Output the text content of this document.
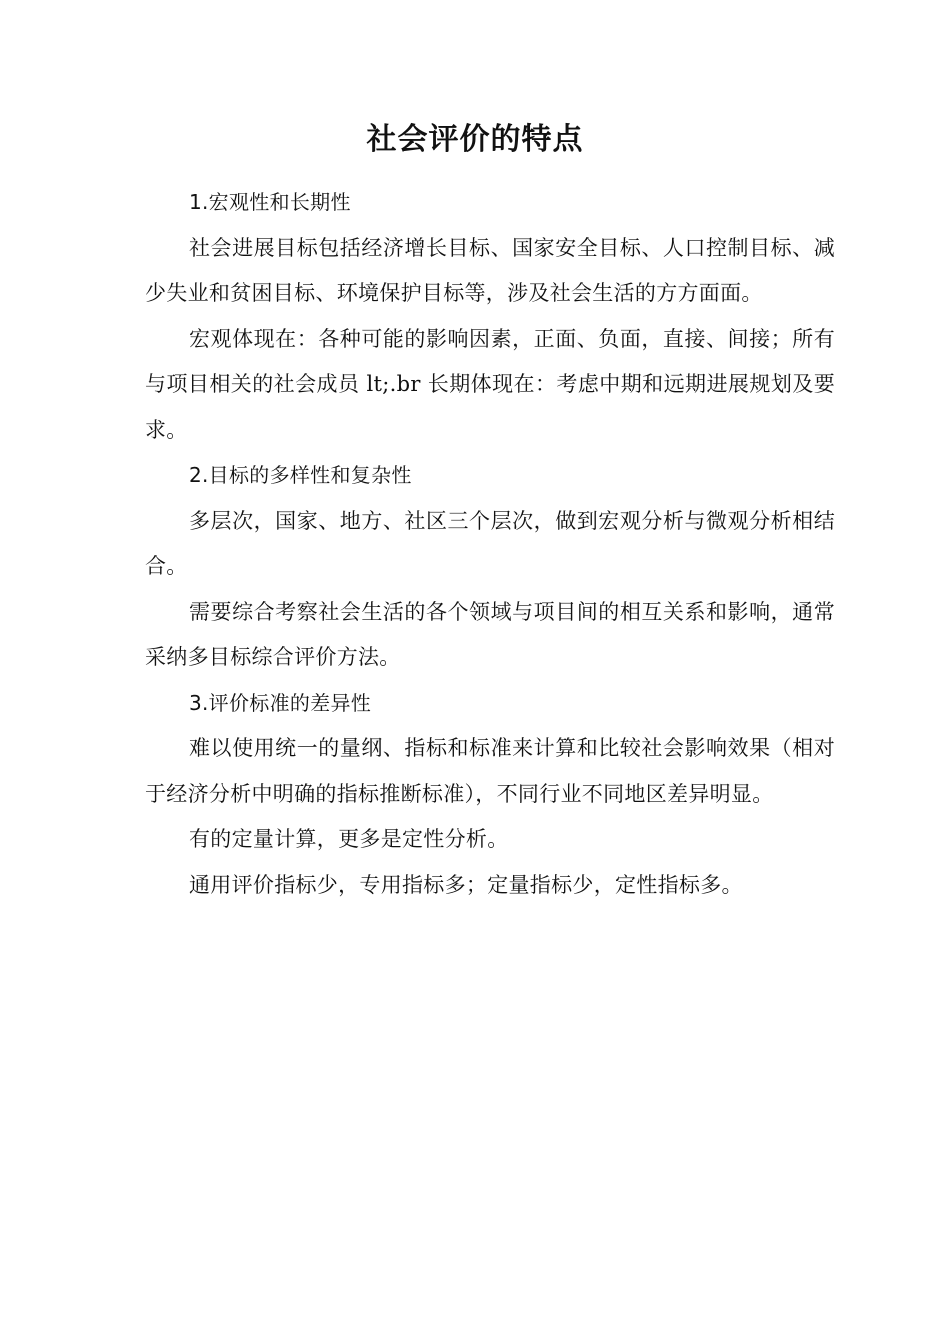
社会评价的特点

1.宏观性和长期性

社会进展目标包括经济增长目标、国家安全目标、人口控制目标、减少失业和贫困目标、环境保护目标等，涉及社会生活的方方面面。

宏观体现在：各种可能的影响因素，正面、负面，直接、间接；所有与项目相关的社会成员 lt;.br 长期体现在：考虑中期和远期进展规划及要求。

2.目标的多样性和复杂性

多层次，国家、地方、社区三个层次，做到宏观分析与微观分析相结合。

需要综合考察社会生活的各个领域与项目间的相互关系和影响，通常采纳多目标综合评价方法。

3.评价标准的差异性

难以使用统一的量纲、指标和标准来计算和比较社会影响效果（相对于经济分析中明确的指标推断标准），不同行业不同地区差异明显。

有的定量计算，更多是定性分析。

通用评价指标少，专用指标多；定量指标少，定性指标多。
